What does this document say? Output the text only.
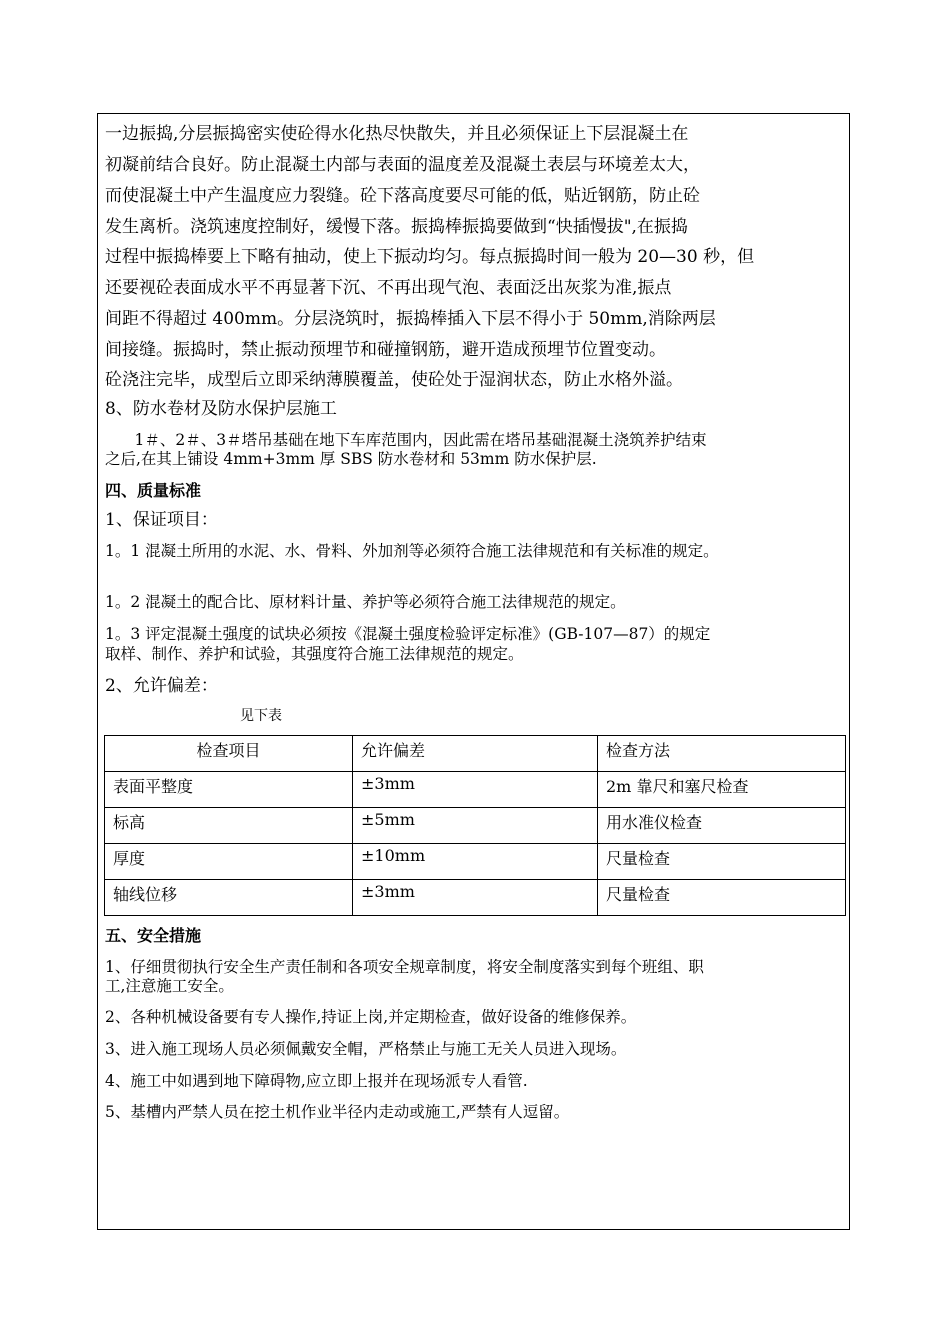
一边振捣,分层振捣密实使砼得水化热尽快散失，并且必须保证上下层混凝土在
初凝前结合良好。防止混凝土内部与表面的温度差及混凝土表层与环境差太大，
而使混凝土中产生温度应力裂缝。砼下落高度要尽可能的低，贴近钢筋，防止砼
发生离析。浇筑速度控制好，缓慢下落。振捣棒振捣要做到“快插慢拔",在振捣
过程中振捣棒要上下略有抽动，使上下振动均匀。每点振捣时间一般为 20—30 秒，但
还要视砼表面成水平不再显著下沉、不再出现气泡、表面泛出灰浆为准,振点
间距不得超过 400mm。分层浇筑时，振捣棒插入下层不得小于 50mm,消除两层
间接缝。振捣时，禁止振动预埋节和碰撞钢筋，避开造成预埋节位置变动。
砼浇注完毕，成型后立即采纳薄膜覆盖，使砼处于湿润状态，防止水格外溢。
8、防水卷材及防水保护层施工
1＃、2＃、3＃塔吊基础在地下车库范围内，因此需在塔吊基础混凝土浇筑养护结束
之后,在其上铺设 4mm+3mm 厚 SBS 防水卷材和 53mm 防水保护层.
四、质量标准
1、保证项目：
1。1 混凝土所用的水泥、水、骨料、外加剂等必须符合施工法律规范和有关标准的规定。
1。2 混凝土的配合比、原材料计量、养护等必须符合施工法律规范的规定。
1。3 评定混凝土强度的试块必须按《混凝土强度检验评定标准》(GB-107—87）的规定
取样、制作、养护和试验，其强度符合施工法律规范的规定。
2、允许偏差：
见下表
检查项目	允许偏差	检查方法
表面平整度	±3mm	2m 靠尺和塞尺检查
标高	±5mm	用水准仪检查
厚度	±10mm	尺量检查
轴线位移	±3mm	尺量检查
五、安全措施
1、仔细贯彻执行安全生产责任制和各项安全规章制度，将安全制度落实到每个班组、职
工,注意施工安全。
2、各种机械设备要有专人操作,持证上岗,并定期检查，做好设备的维修保养。
3、进入施工现场人员必须佩戴安全帽，严格禁止与施工无关人员进入现场。
4、施工中如遇到地下障碍物,应立即上报并在现场派专人看管.
5、基槽内严禁人员在挖土机作业半径内走动或施工,严禁有人逗留。
